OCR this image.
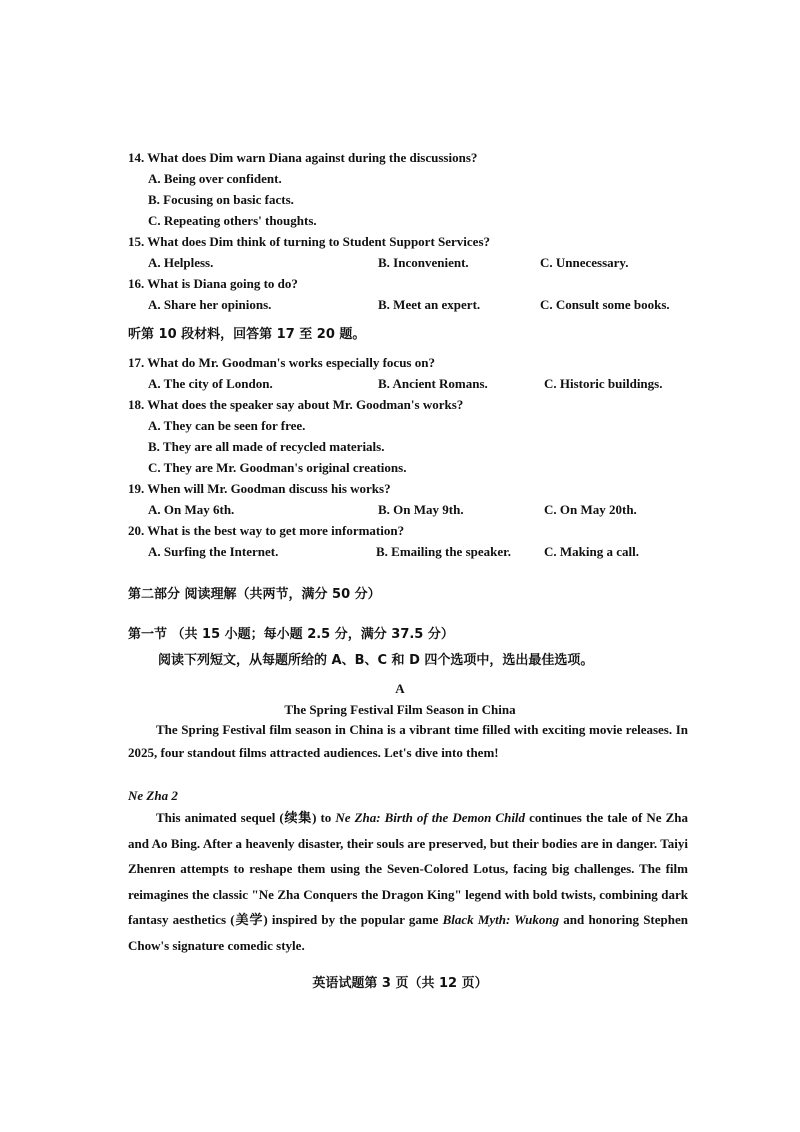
14. What does Dim warn Diana against during the discussions?
A. Being over confident.
B. Focusing on basic facts.
C. Repeating others' thoughts.
15. What does Dim think of turning to Student Support Services?
A. Helpless.	B. Inconvenient.	C. Unnecessary.
16. What is Diana going to do?
A. Share her opinions.	B. Meet an expert.	C. Consult some books.
听第 10 段材料，回答第 17 至 20 题。
17. What do Mr. Goodman's works especially focus on?
A. The city of London.	B. Ancient Romans.	C. Historic buildings.
18. What does the speaker say about Mr. Goodman's works?
A. They can be seen for free.
B. They are all made of recycled materials.
C. They are Mr. Goodman's original creations.
19. When will Mr. Goodman discuss his works?
A. On May 6th.	B. On May 9th.	C. On May 20th.
20. What is the best way to get more information?
A. Surfing the Internet.	B. Emailing the speaker.	C. Making a call.
第二部分 阅读理解（共两节，满分 50 分）
第一节 （共 15 小题；每小题 2.5 分，满分 37.5 分）
阅读下列短文，从每题所给的 A、B、C 和 D 四个选项中，选出最佳选项。
A
The Spring Festival Film Season in China

The Spring Festival film season in China is a vibrant time filled with exciting movie releases. In 2025, four standout films attracted audiences. Let's dive into them!

Ne Zha 2

This animated sequel (续集) to Ne Zha: Birth of the Demon Child continues the tale of Ne Zha and Ao Bing. After a heavenly disaster, their souls are preserved, but their bodies are in danger. Taiyi Zhenren attempts to reshape them using the Seven-Colored Lotus, facing big challenges. The film reimagines the classic "Ne Zha Conquers the Dragon King" legend with bold twists, combining dark fantasy aesthetics (美学) inspired by the popular game Black Myth: Wukong and honoring Stephen Chow's signature comedic style.

英语试题第 3 页（共 12 页）
